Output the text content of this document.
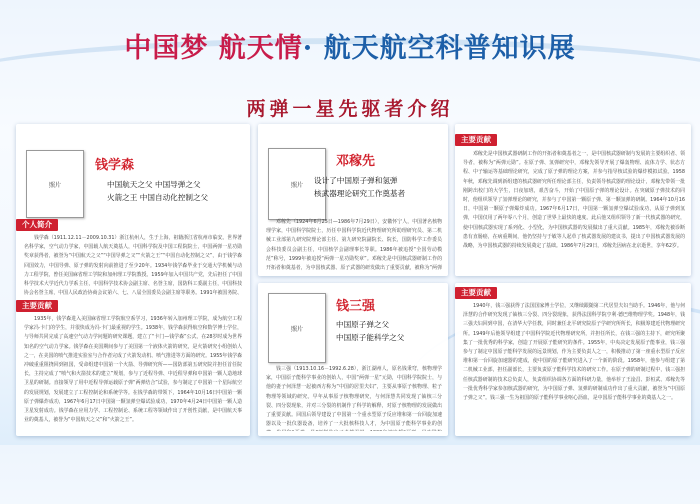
中国梦 航天情· 航天航空科普知识展
两弹一星先驱者介绍
照片
钱学森
中国航天之父 中国导弹之父
火箭之王 中国自动化控制之父
个人简介

钱学森（1911.12.11－2009.10.31）浙江杭州人，生于上海，祖籍浙江省杭州市临安。世界著名科学家，空气动力学家，中国载人航天奠基人，中国科学院及中国工程院院士，中国两弹一星功勋奖章获得者，被誉为“中国航天之父”“中国导弹之父”“火箭之王”“中国自动化控制之父”，由于钱学森回国效力，中国导弹、原子弹的发射向前推进了至少20年。1934年钱学森毕业于交通大学机械与动力工程学院，曾任美国麻省理工学院和加州理工学院教授。1959年加入中国共产党，先后担任了中国科学技术大学近代力学系主任，中国科学技术协会副主席、名誉主席，国防科工委副主任，中国科技协会名誉主席，中国人民政治协商会议第六、七、八届全国委员会副主席等职务。1991年被国务院、

主要贡献

1935年，钱学森进入美国麻省理工学院航空系学习，1936年转入加州理工学院，成为航空工程学家冯·卡门的学生，并很快成为冯·卡门最重视的学生。1938年，钱学森获得航空和数学博士学位，与导师共同完成了高速空气动力学问题的研究课题，建立了“卡门—钱学森”公式，在28岁时成为世界知名的空气动力学家。钱学森在美国期间参与了美国第一个液体火箭的研究，是火箭研究小组创始人之一，在美国的喷气推进实验室与合作者完成了火箭发动机、喷气推进等方面的研究。1955年钱学森冲破重重阻挠回到祖国，受命组建中国第一个火箭、导弹研究所——国防部第五研究院并担任首任院长，主持完成了“喷气和火箭技术的建立”规划，参与了近程导弹、中近程导弹和中国第一颗人造地球卫星的研制。直接领导了用中近程导弹运载原子弹“两弹结合”试验，参与制定了中国第一个星际航空的发展规划，发展建立了工程控制论和系统学等。在钱学森的带领下，1964年10月16日中国第一颗原子弹爆炸成功，1967年6月17日中国第一颗氢弹空爆试验成功，1970年4月24日中国第一颗人造卫星发射成功。钱学森在应用力学、工程控制论、系统工程等领域作出了开创性贡献，是中国航天事业的奠基人，被誉为“中国航天之父”和“火箭之王”。

照片
邓稼先
设计了中国原子弹和氢弹
核武器理论研究工作奠基者

邓稼先（1924年6月25日—1986年7月29日），安徽怀宁人，中国著名核物理学家，中国科学院院士，历任中国科学院近代物理研究所助理研究员、第二机械工业部第九研究院理论部主任、第九研究院副院长、院长，国防科学工作委员会科技委员会副主任，中国核学会副理事长等职。1986年被追授“全国劳动模范”称号，1999年被追授“两弹一星功勋奖章”。邓稼先是中国核武器研制工作的开拓者和奠基者，为中国核武器、原子武器的研发做出了重要贡献，被称为“两弹

主要贡献

邓稼先是中国核武器研制工作的开拓者和奠基者之一，是中国核武器研制与发展的主要组织者、领导者，被称为“两弹元勋”。在原子弹、氢弹研究中，邓稼先领导开展了爆轰物理、流体力学、状态方程、中子输运等基础理论研究，完成了原子弹的理论方案，并参与指导核试验的爆炸模拟试验。1958年秋，邓稼先调到新组建的核武器研究所任理论部主任，负责领导核武器的理论设计，邓稼先带领一批刚跨出校门的大学生，日夜加班，艰苦奋斗，开始了中国原子弹的理论设计。在突破原子弹技术的同时，他组织领导了氢弹理论的研究，并参与了中国第一颗原子弹、第一颗氢弹的研制。1964年10月16日，中国第一颗原子弹爆炸成功。1967年6月17日，中国第一颗氢弹空爆试验成功，从原子弹到氢弹，中国仅用了两年零八个月，创造了世界上最快的速度。此后他又组织领导了新一代核武器的研究，使中国核武器实现了系列化、小型化，为中国核武器的发展做出了重大贡献。1985年，邓稼先被诊断患有直肠癌，在病重期间，他仍坚持与于敏等人起草了核武器发展的建议书，提出了中国核武器发展的战略，为中国核武器的持续发展奠定了基础。1986年7月29日，邓稼先因病在北京逝世，享年62岁。

照片
钱三强
中国原子弹之父
中国原子能科学之父

钱三强（1913.10.16－1992.6.28），浙江湖州人，原名钱秉穹，核物理学家，中国原子能科学事业的创始人，中国“两弹一星”元勋，中国科学院院士，与他的妻子何泽慧一起被西方称为“中国的居里夫妇”，主要从事原子核物理、粒子物理等领域的研究。早年从事原子核物理研究，与何泽慧共同发现了铀核三分裂、四分裂现象，并对三分裂的机制作了科学的解释，对原子核物理的发展做出了重要贡献。回国后领导建设了中国第一个重水型原子反应堆和第一台回旋加速器以及一批仪器设备，培养了一大批核科技人才，为中国原子能科学事业的创

主要贡献

1940年，钱三强获得了法国国家博士学位，又继续跟随第二代居里夫妇当助手。1946年，他与何泽慧的合作研究发现了铀核三分裂、四分裂现象，获得法国科学院亨利·德巴维物理学奖。1948年，钱三强夫妇回到中国，在清华大学任教，同时兼任北平研究院原子学研究所所长，积极筹建近代物理研究所。1949年后他领导组建了中国科学院近代物理研究所，并担任所长，在钱三强的主持下，研究所聚集了一批优秀的科学家，创造了开展原子能研究的条件。1955年，中央决定发展原子能事业，钱三强参与了制定中国原子能科学发展的远景规划，作为主要负责人之一，积极推动了第一座重水型原子反应堆和第一台回旋加速器的建成，使中国的原子能研究进入了一个新的阶段。1958年，他参与组建了第二机械工业部，担任副部长，主要负责原子能科学技术的研究工作。在原子弹的研制过程中，钱三强担任核武器研制的技术总负责人，负责组织协调各方面的科研力量，他举荐了王淦昌、彭桓武、邓稼先等一批优秀科学家参加核武器的研究，为中国原子弹、氢弹的研制成功作出了重大贡献，被誉为“中国原子弹之父”。钱三强一生为祖国的原子能科学事业呕心沥血，是中国原子能科学事业的奠基人之一。
